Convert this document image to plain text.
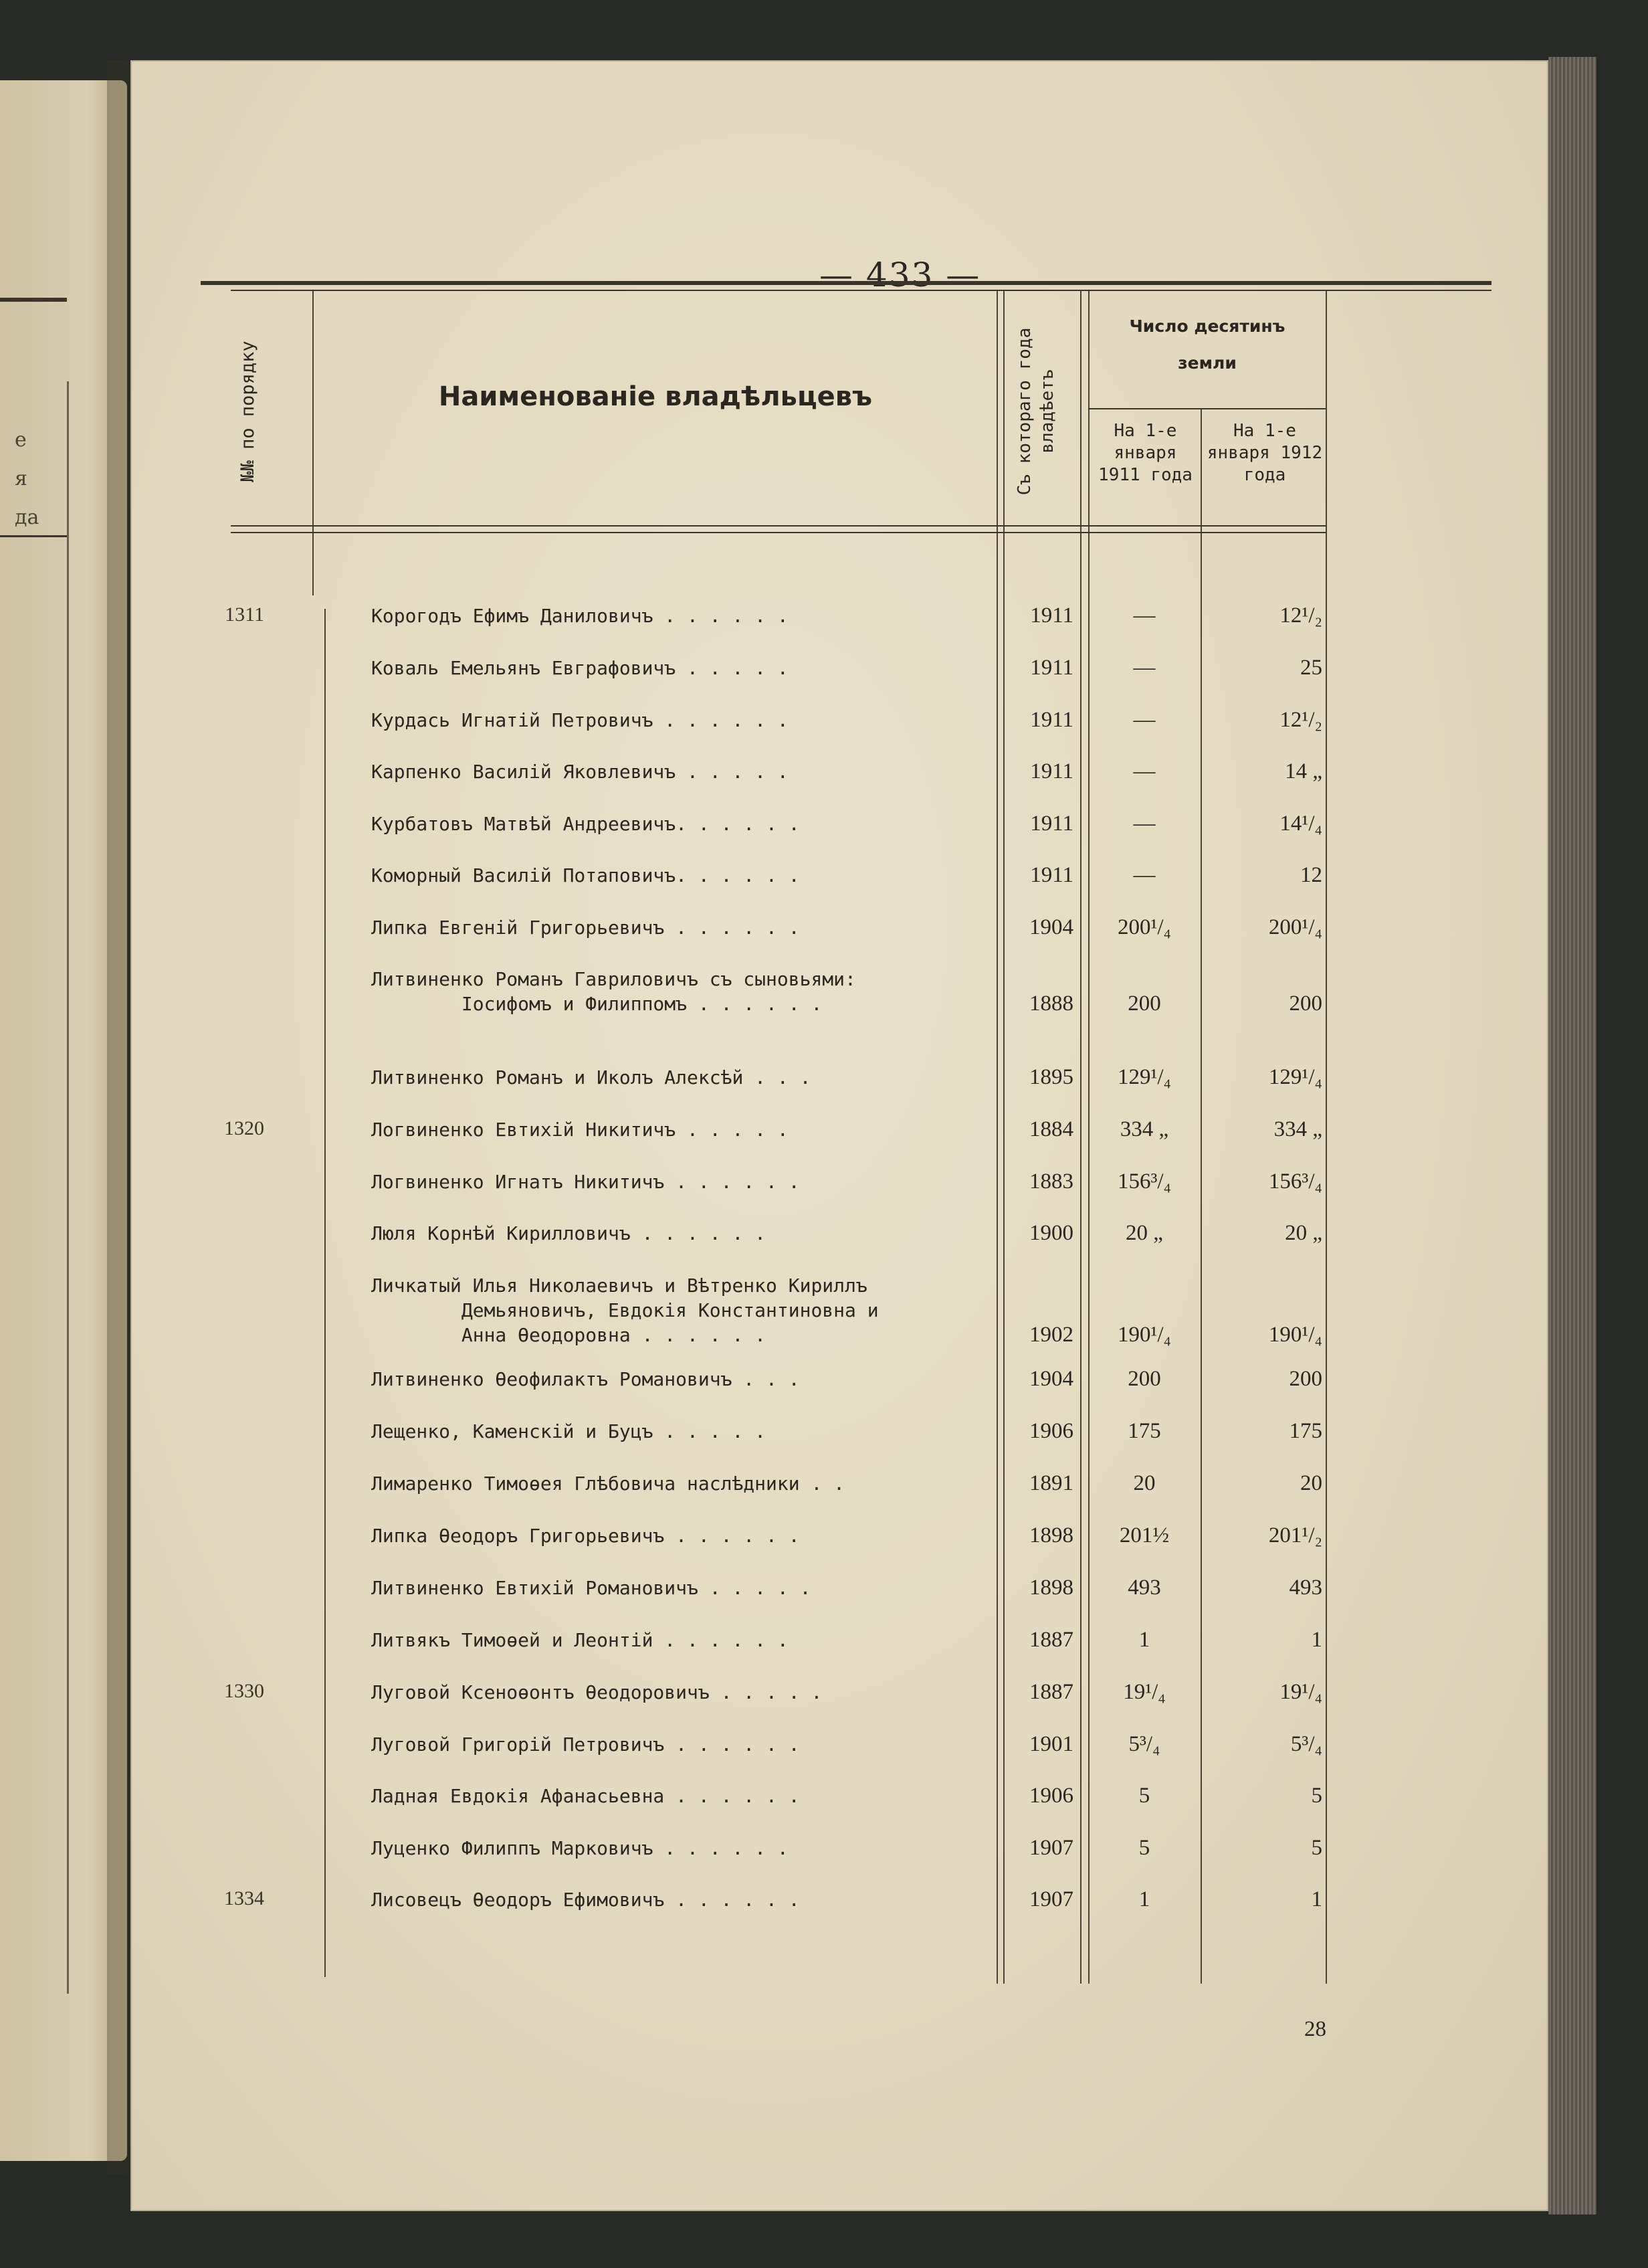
е
я
да
— 433 —
№№ по порядку	Наименованіе владѣльцевъ	Съ котораго года владѣетъ
Число десятинъ земли
На 1-е января 1911 года
На 1-е января 1912 года
1311	Корогодъ Ефимъ Даниловичъ . . . . . .	1911	—	12¹/₂
Коваль Емельянъ Евграфовичъ . . . . .	1911	—	25
Курдась Игнатій Петровичъ . . . . . .	1911	—	12¹/₂
Карпенко Василій Яковлевичъ . . . . .	1911	—	14 „
Курбатовъ Матвѣй Андреевичъ. . . . . .	1911	—	14¹/₄
Коморный Василій Потаповичъ. . . . . .	1911	—	12
Липка Евгеній Григорьевичъ . . . . . .	1904	200¹/₄	200¹/₄
Литвиненко Романъ Гавриловичъ съ сыновьями:
Іосифомъ и Филиппомъ . . . . . .	1888	200	200
Литвиненко Романъ и Иколъ Алексѣй . . .	1895	129¹/₄	129¹/₄
1320	Логвиненко Евтихій Никитичъ . . . . .	1884	334 „	334 „
Логвиненко Игнатъ Никитичъ . . . . . .	1883	156³/₄	156³/₄
Люля Корнѣй Кирилловичъ . . . . . .	1900	20 „	20 „
Личкатый Илья Николаевичъ и Вѣтренко Кириллъ
Демьяновичъ, Евдокія Константиновна и
Анна Ѳеодоровна . . . . . .	1902	190¹/₄	190¹/₄
Литвиненко Ѳеофилактъ Романовичъ . . .	1904	200	200
Лещенко, Каменскій и Буцъ . . . . .	1906	175	175
Лимаренко Тимоѳея Глѣбовича наслѣдники . .	1891	20	20
Липка Ѳеодоръ Григорьевичъ . . . . . .	1898	201½	201¹/₂
Литвиненко Евтихій Романовичъ . . . . .	1898	493	493
Литвякъ Тимоѳей и Леонтій . . . . . .	1887	1	1
1330	Луговой Ксеноѳонтъ Ѳеодоровичъ . . . . .	1887	19¹/₄	19¹/₄
Луговой Григорій Петровичъ . . . . . .	1901	5³/₄	5³/₄
Ладная Евдокія Афанасьевна . . . . . .	1906	5	5
Луценко Филиппъ Марковичъ . . . . . .	1907	5	5
1334	Лисовецъ Ѳеодоръ Ефимовичъ . . . . . .	1907	1	1
28
